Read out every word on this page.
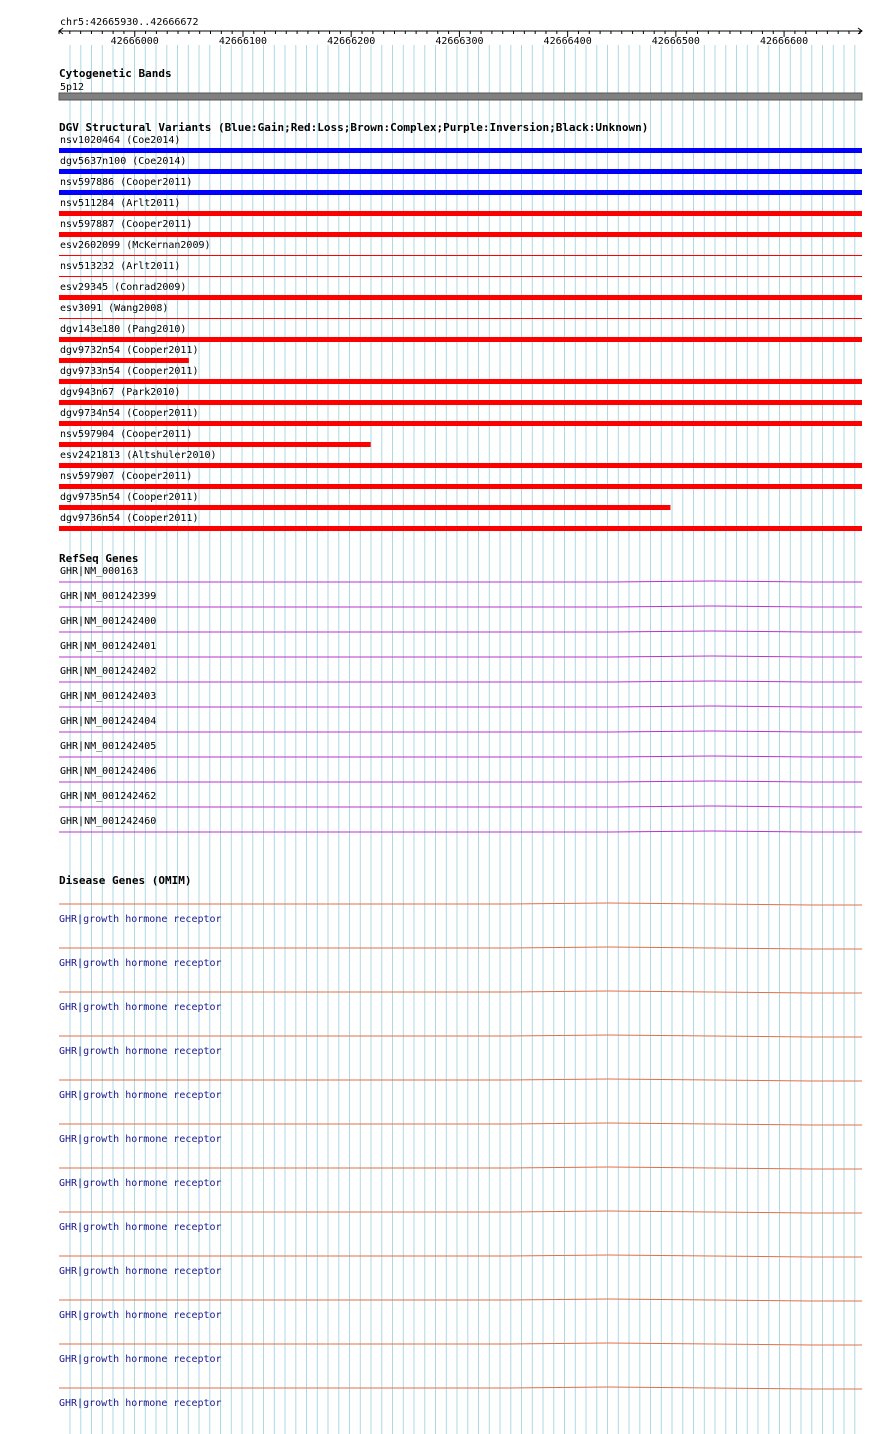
chr5:42665930..42666672
42666000	42666100	42666200	42666300	42666400	42666500	42666600
Cytogenetic Bands
5p12
DGV Structural Variants (Blue:Gain;Red:Loss;Brown:Complex;Purple:Inversion;Black:Unknown)
nsv1020464 (Coe2014)
dgv5637n100 (Coe2014)
nsv597886 (Cooper2011)
nsv511284 (Arlt2011)
nsv597887 (Cooper2011)
esv2602099 (McKernan2009)
nsv513232 (Arlt2011)
esv29345 (Conrad2009)
esv3091 (Wang2008)
dgv143e180 (Pang2010)
dgv9732n54 (Cooper2011)
dgv9733n54 (Cooper2011)
dgv943n67 (Park2010)
dgv9734n54 (Cooper2011)
nsv597904 (Cooper2011)
esv2421813 (Altshuler2010)
nsv597907 (Cooper2011)
dgv9735n54 (Cooper2011)
dgv9736n54 (Cooper2011)
RefSeq Genes
GHR|NM_000163
GHR|NM_001242399
GHR|NM_001242400
GHR|NM_001242401
GHR|NM_001242402
GHR|NM_001242403
GHR|NM_001242404
GHR|NM_001242405
GHR|NM_001242406
GHR|NM_001242462
GHR|NM_001242460
Disease Genes (OMIM)
GHR|growth hormone receptor
GHR|growth hormone receptor
GHR|growth hormone receptor
GHR|growth hormone receptor
GHR|growth hormone receptor
GHR|growth hormone receptor
GHR|growth hormone receptor
GHR|growth hormone receptor
GHR|growth hormone receptor
GHR|growth hormone receptor
GHR|growth hormone receptor
GHR|growth hormone receptor
